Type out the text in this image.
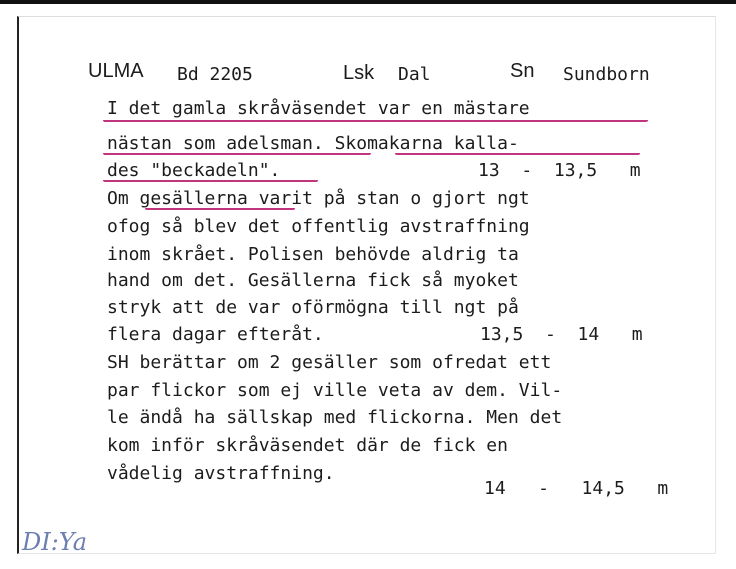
ULMA Bd 2205	Lsk Dal	Sn Sundborn
I det gamla skråväsendet var en mästare
nästan som adelsman. Skomakarna kalla-
des "beckadeln".	13  -  13,5   m
Om gesällerna varit på stan o gjort ngt
ofog så blev det offentlig avstraffning
inom skrået. Polisen behövde aldrig ta
hand om det. Gesällerna fick så myoket
stryk att de var oförmögna till ngt på
flera dagar efteråt.	13,5  -  14   m
SH berättar om 2 gesäller som ofredat ett
par flickor som ej ville veta av dem. Vil-
le ändå ha sällskap med flickorna. Men det
kom inför skråväsendet där de fick en
vådelig avstraffning.
14   -   14,5   m
DI:Ya
